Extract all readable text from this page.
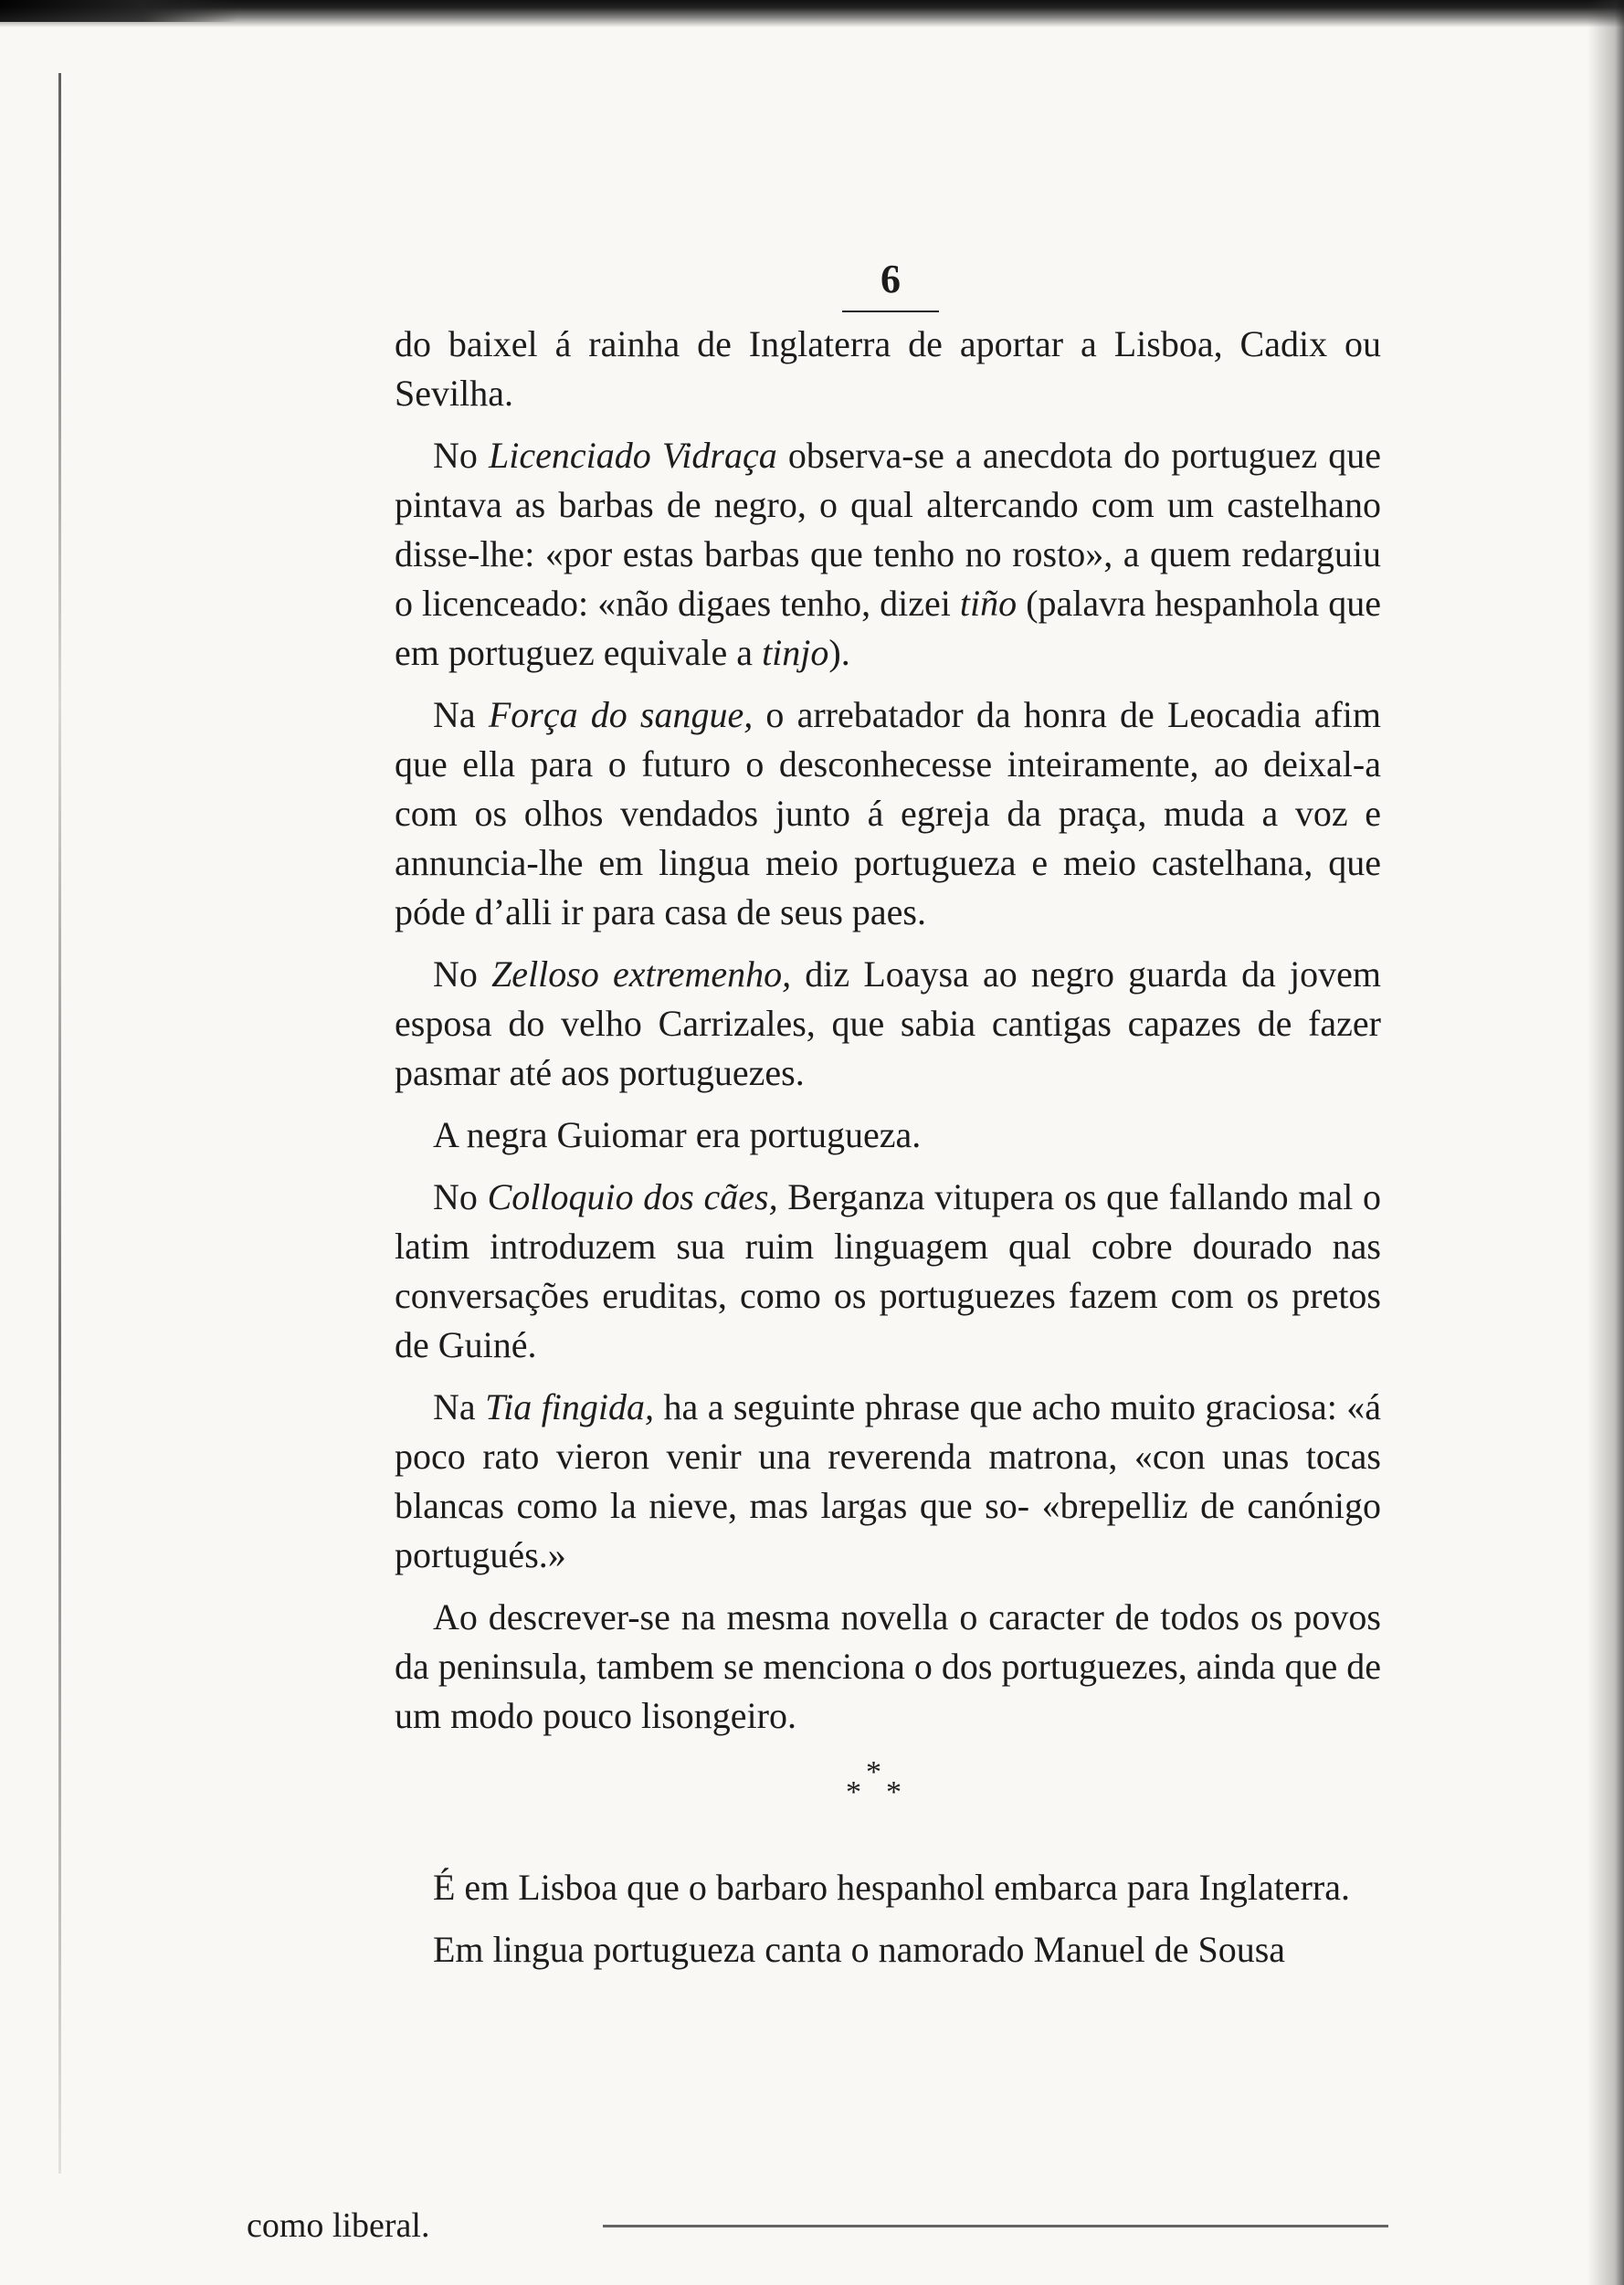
6

do baixel á rainha de Inglaterra de aportar a Lisboa, Cadix ou Sevilha.

No Licenciado Vidraça observa-se a anecdota do portuguez que pintava as barbas de negro, o qual altercando com um castelhano disse-lhe: «por estas barbas que tenho no rosto», a quem redarguiu o licenceado: «não digaes tenho, dizei tiño (palavra hespanhola que em portuguez equivale a tinjo).

Na Força do sangue, o arrebatador da honra de Leocadia afim que ella para o futuro o desconhecesse inteiramente, ao deixal-a com os olhos vendados junto á egreja da praça, muda a voz e annuncia-lhe em lingua meio portugueza e meio castelhana, que póde d’alli ir para casa de seus paes.

No Zelloso extremenho, diz Loaysa ao negro guarda da jovem esposa do velho Carrizales, que sabia cantigas capazes de fazer pasmar até aos portuguezes.

A negra Guiomar era portugueza.

No Colloquio dos cães, Berganza vitupera os que fallando mal o latim introduzem sua ruim linguagem qual cobre dourado nas conversações eruditas, como os portuguezes fazem com os pretos de Guiné.

Na Tia fingida, ha a seguinte phrase que acho muito graciosa: «á poco rato vieron venir una reverenda matrona, «con unas tocas blancas como la nieve, mas largas que so- «brepelliz de canónigo portugués.»

Ao descrever-se na mesma novella o caracter de todos os povos da peninsula, tambem se menciona o dos portuguezes, ainda que de um modo pouco lisongeiro.

*
* *

É em Lisboa que o barbaro hespanhol embarca para Inglaterra.

Em lingua portugueza canta o namorado Manuel de Sousa

como liberal.
